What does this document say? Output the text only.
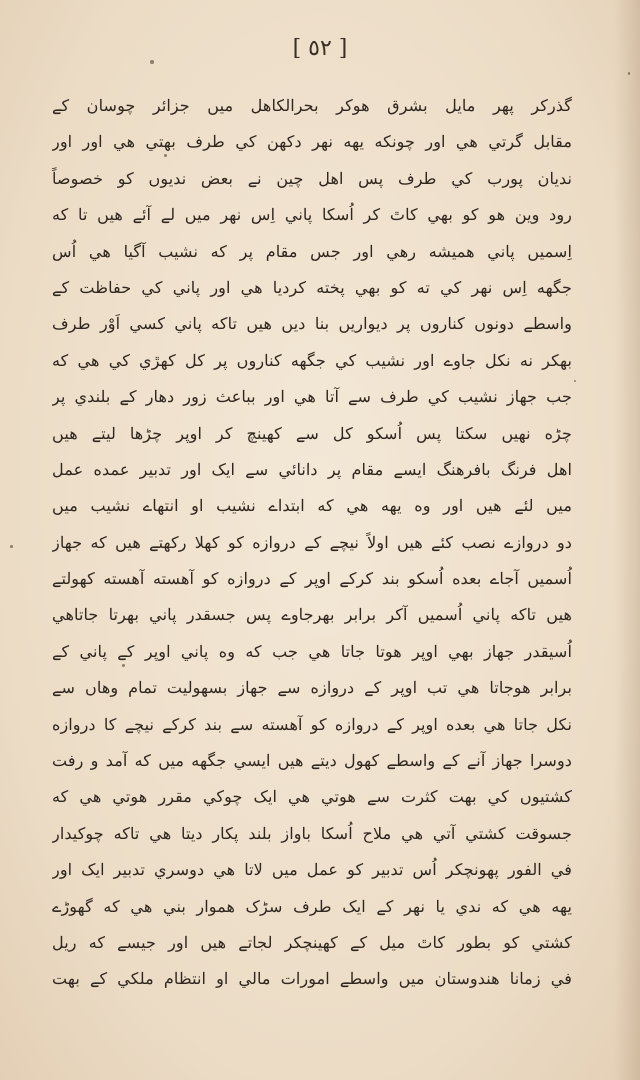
[ ٥٢ ]
گذرکر پهر مايل بشرق هوکر بحرالکاهل ميں جزائر چوسان کے
مقابل گرتي هي اور چونکه يهه نهر دکهن کي طرف بهتي هي اور اور
نديان پورب کي طرف پس اهل چين نے بعض نديوں کو خصوصاً
رود وين هو کو بهي کاٿ کر اُسکا پاني اِس نهر ميں لے آئے هيں تا که
اِسميں پاني هميشه رهي اور جس مقام پر که نشيب آگيا هي اُس
جگهه اِس نهر کي ته کو بهي پخته کرديا هي اور پاني کي حفاظت کے
واسطے دونوں کناروں پر ديواريں بنا ديں هيں تاکه پاني کسي اَوْر طرف
بهکر نه نکل جاوے اور نشيب کي جگهه کناروں پر کل کهڙي کي هي که
جب جهاز نشيب کي طرف سے آتا هي اور بباعث زور دهار کے بلندي پر
چڑه نهيں سکتا پس اُسکو کل سے کهينچ کر اوپر چڑها ليتے هيں
اهل فرنگ بافرهنگ ايسے مقام پر دانائي سے ايک اور تدبير عمده عمل
ميں لئے هيں اور وه يهه هي که ابتداے نشيب او انتهاے نشيب ميں
دو دروازے نصب کئے هيں اولاً نيچے کے دروازه کو کهلا رکهتے هيں که جهاز
اُسميں آجاے بعده اُسکو بند کرکے اوپر کے دروازه کو آهسته آهسته کهولتے
هيں تاکه پاني اُسميں آکر برابر بهرجاوے پس جسقدر پاني بهرتا جاتاهي
اُسيقدر جهاز بهي اوپر هوتا جاتا هي جب که وه پاني اوپر کے پاني کے
برابر هوجاتا هي تب اوپر کے دروازه سے جهاز بسهوليت تمام وهاں سے
نکل جاتا هي بعده اوپر کے دروازه کو آهسته سے بند کرکے نيچے کا دروازه
دوسرا جهاز آنے کے واسطے کهول ديتے هيں ايسي جگهه ميں که آمد و رفت
کشتيوں کي بهت کثرت سے هوتي هي ايک چوکي مقرر هوتي هي که
جسوقت کشتي آتي هي ملاح اُسکا باواز بلند پکار ديتا هي تاکه چوکيدار
في الفور پهونچکر اُس تدبير کو عمل ميں لاتا هي دوسري تدبير ايک اور
يهه هي که ندي يا نهر کے ايک طرف سڑک هموار بني هي که گهوڑے
کشتي کو بطور کاٿ ميل کے کهينچکر لجاتے هيں اور جيسے که ريل
في زمانا هندوستان ميں واسطے امورات مالي او انتظام ملکي کے بهت
